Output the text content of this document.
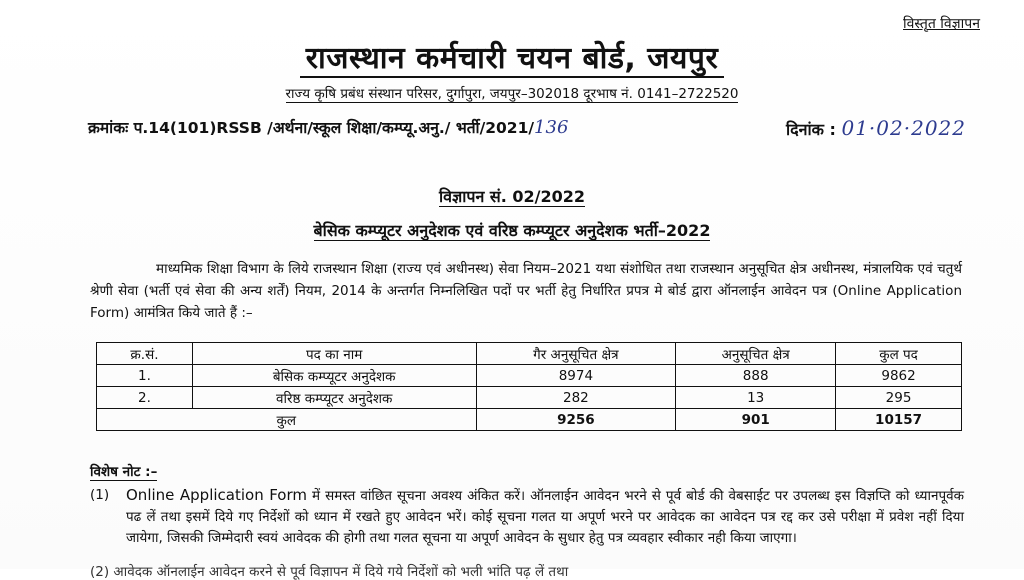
विस्तृत विज्ञापन
राजस्थान कर्मचारी चयन बोर्ड, जयपुर
राज्य कृषि प्रबंध संस्थान परिसर, दुर्गापुरा, जयपुर–302018 दूरभाष नं. 0141–2722520
क्रमांकः प.14(101)RSSB /अर्थना/स्कूल शिक्षा/कम्प्यू.अनु./ भर्ती/2021/136	दिनांक : 01·02·2022
विज्ञापन सं. 02/2022
बेसिक कम्प्यूटर अनुदेशक एवं वरिष्ठ कम्प्यूटर अनुदेशक भर्ती–2022
माध्यमिक शिक्षा विभाग के लिये राजस्थान शिक्षा (राज्य एवं अधीनस्थ) सेवा नियम–2021 यथा संशोधित तथा राजस्थान अनुसूचित क्षेत्र अधीनस्थ, मंत्रालयिक एवं चतुर्थ श्रेणी सेवा (भर्ती एवं सेवा की अन्य शर्तें) नियम, 2014 के अन्तर्गत निम्नलिखित पदों पर भर्ती हेतु निर्धारित प्रपत्र मे बोर्ड द्वारा ऑनलाईन आवेदन पत्र (Online Application Form) आमंत्रित किये जाते हैं :–
क्र.सं.	पद का नाम	गैर अनुसूचित क्षेत्र	अनुसूचित क्षेत्र	कुल पद
1.	बेसिक कम्प्यूटर अनुदेशक	8974	888	9862
2.	वरिष्ठ कम्प्यूटर अनुदेशक	282	13	295
कुल		9256	901	10157
विशेष नोट :–
(1) Online Application Form में समस्त वांछित सूचना अवश्य अंकित करें। ऑनलाईन आवेदन भरने से पूर्व बोर्ड की वेबसाईट पर उपलब्ध इस विज्ञप्ति को ध्यानपूर्वक पढ लें तथा इसमें दिये गए निर्देशों को ध्यान में रखते हुए आवेदन भरें। कोई सूचना गलत या अपूर्ण भरने पर आवेदक का आवेदन पत्र रद्द कर उसे परीक्षा में प्रवेश नहीं दिया जायेगा, जिसकी जिम्मेदारी स्वयं आवेदक की होगी तथा गलत सूचना या अपूर्ण आवेदन के सुधार हेतु पत्र व्यवहार स्वीकार नही किया जाएगा।
(2) आवेदक ऑनलाईन आवेदन करने से पूर्व विज्ञापन में दिये गये निर्देशों को भली भांति पढ़ लें तथा
